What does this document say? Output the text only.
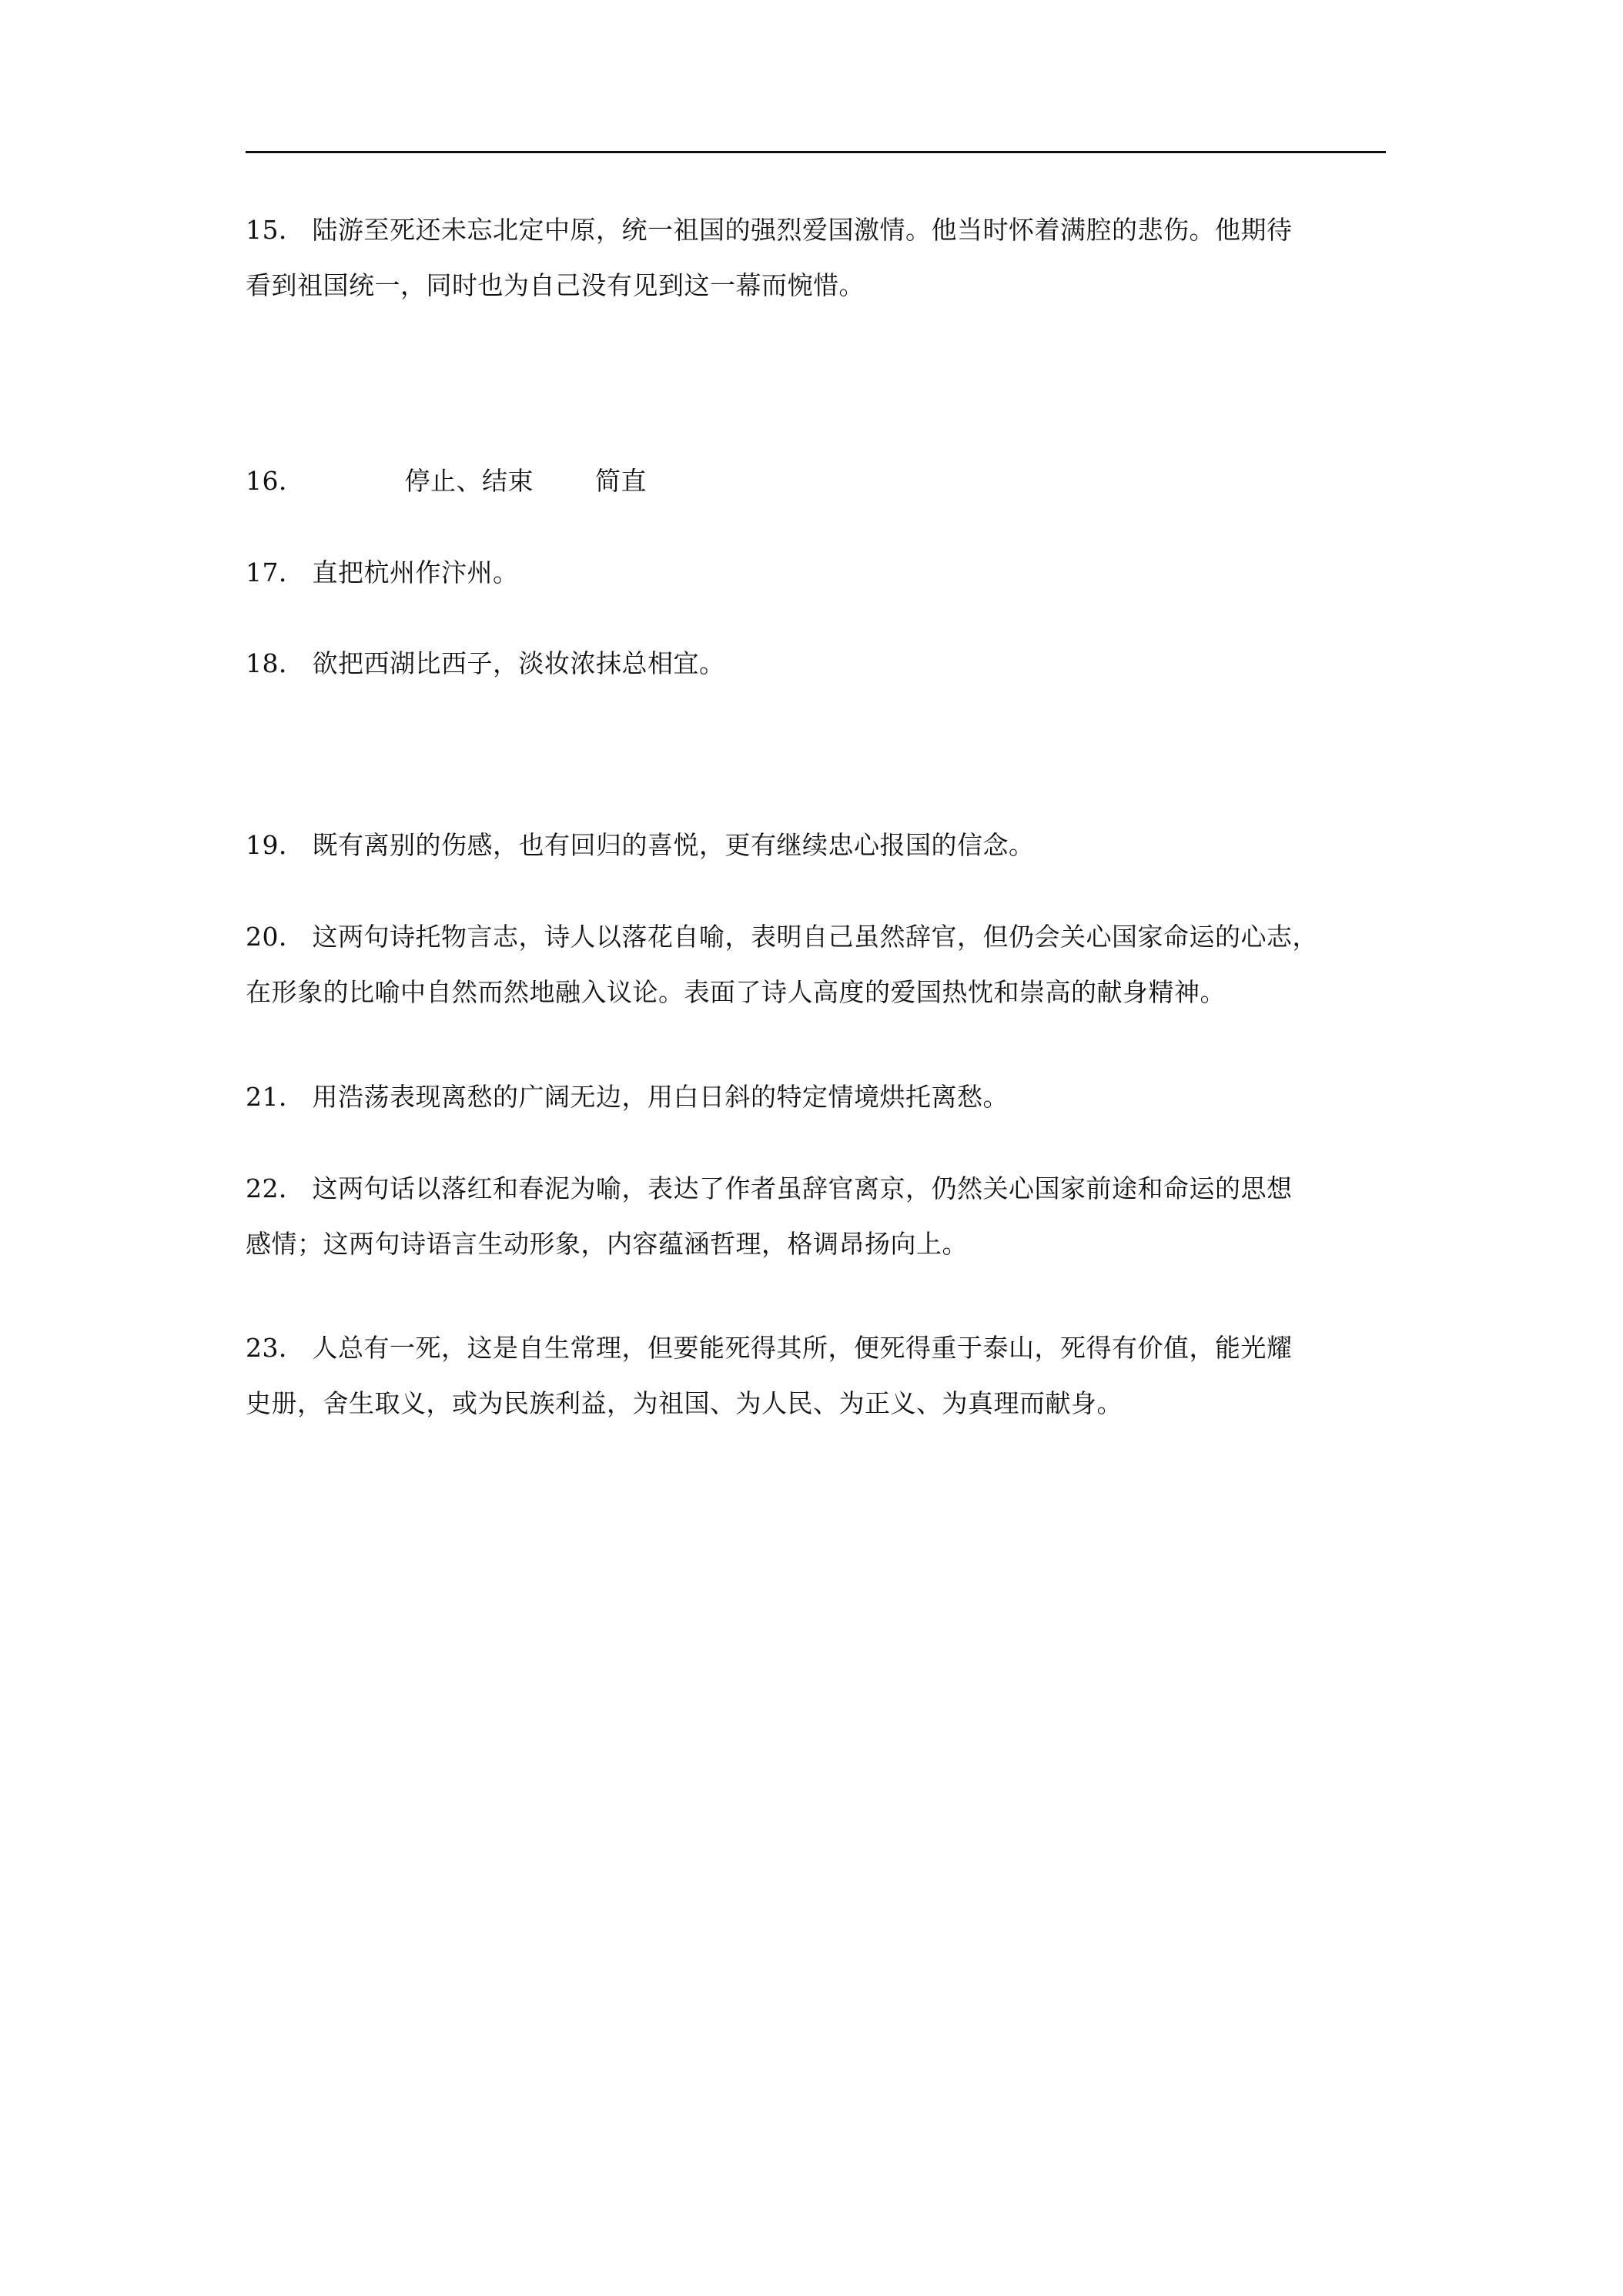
15． 陆游至死还未忘北定中原，统一祖国的强烈爱国激情。他当时怀着满腔的悲伤。他期待
看到祖国统一，同时也为自己没有见到这一幕而惋惜。
16．	停止、结束 简直
17． 直把杭州作汴州。
18． 欲把西湖比西子，淡妆浓抹总相宜。
19． 既有离别的伤感，也有回归的喜悦，更有继续忠心报国的信念。
20． 这两句诗托物言志，诗人以落花自喻，表明自己虽然辞官，但仍会关心国家命运的心志，
在形象的比喻中自然而然地融入议论。表面了诗人高度的爱国热忱和崇高的献身精神。
21． 用浩荡表现离愁的广阔无边，用白日斜的特定情境烘托离愁。
22． 这两句话以落红和春泥为喻，表达了作者虽辞官离京，仍然关心国家前途和命运的思想
感情；这两句诗语言生动形象，内容蕴涵哲理，格调昂扬向上。
23． 人总有一死，这是自生常理，但要能死得其所，便死得重于泰山，死得有价值，能光耀
史册，舍生取义，或为民族利益，为祖国、为人民、为正义、为真理而献身。
